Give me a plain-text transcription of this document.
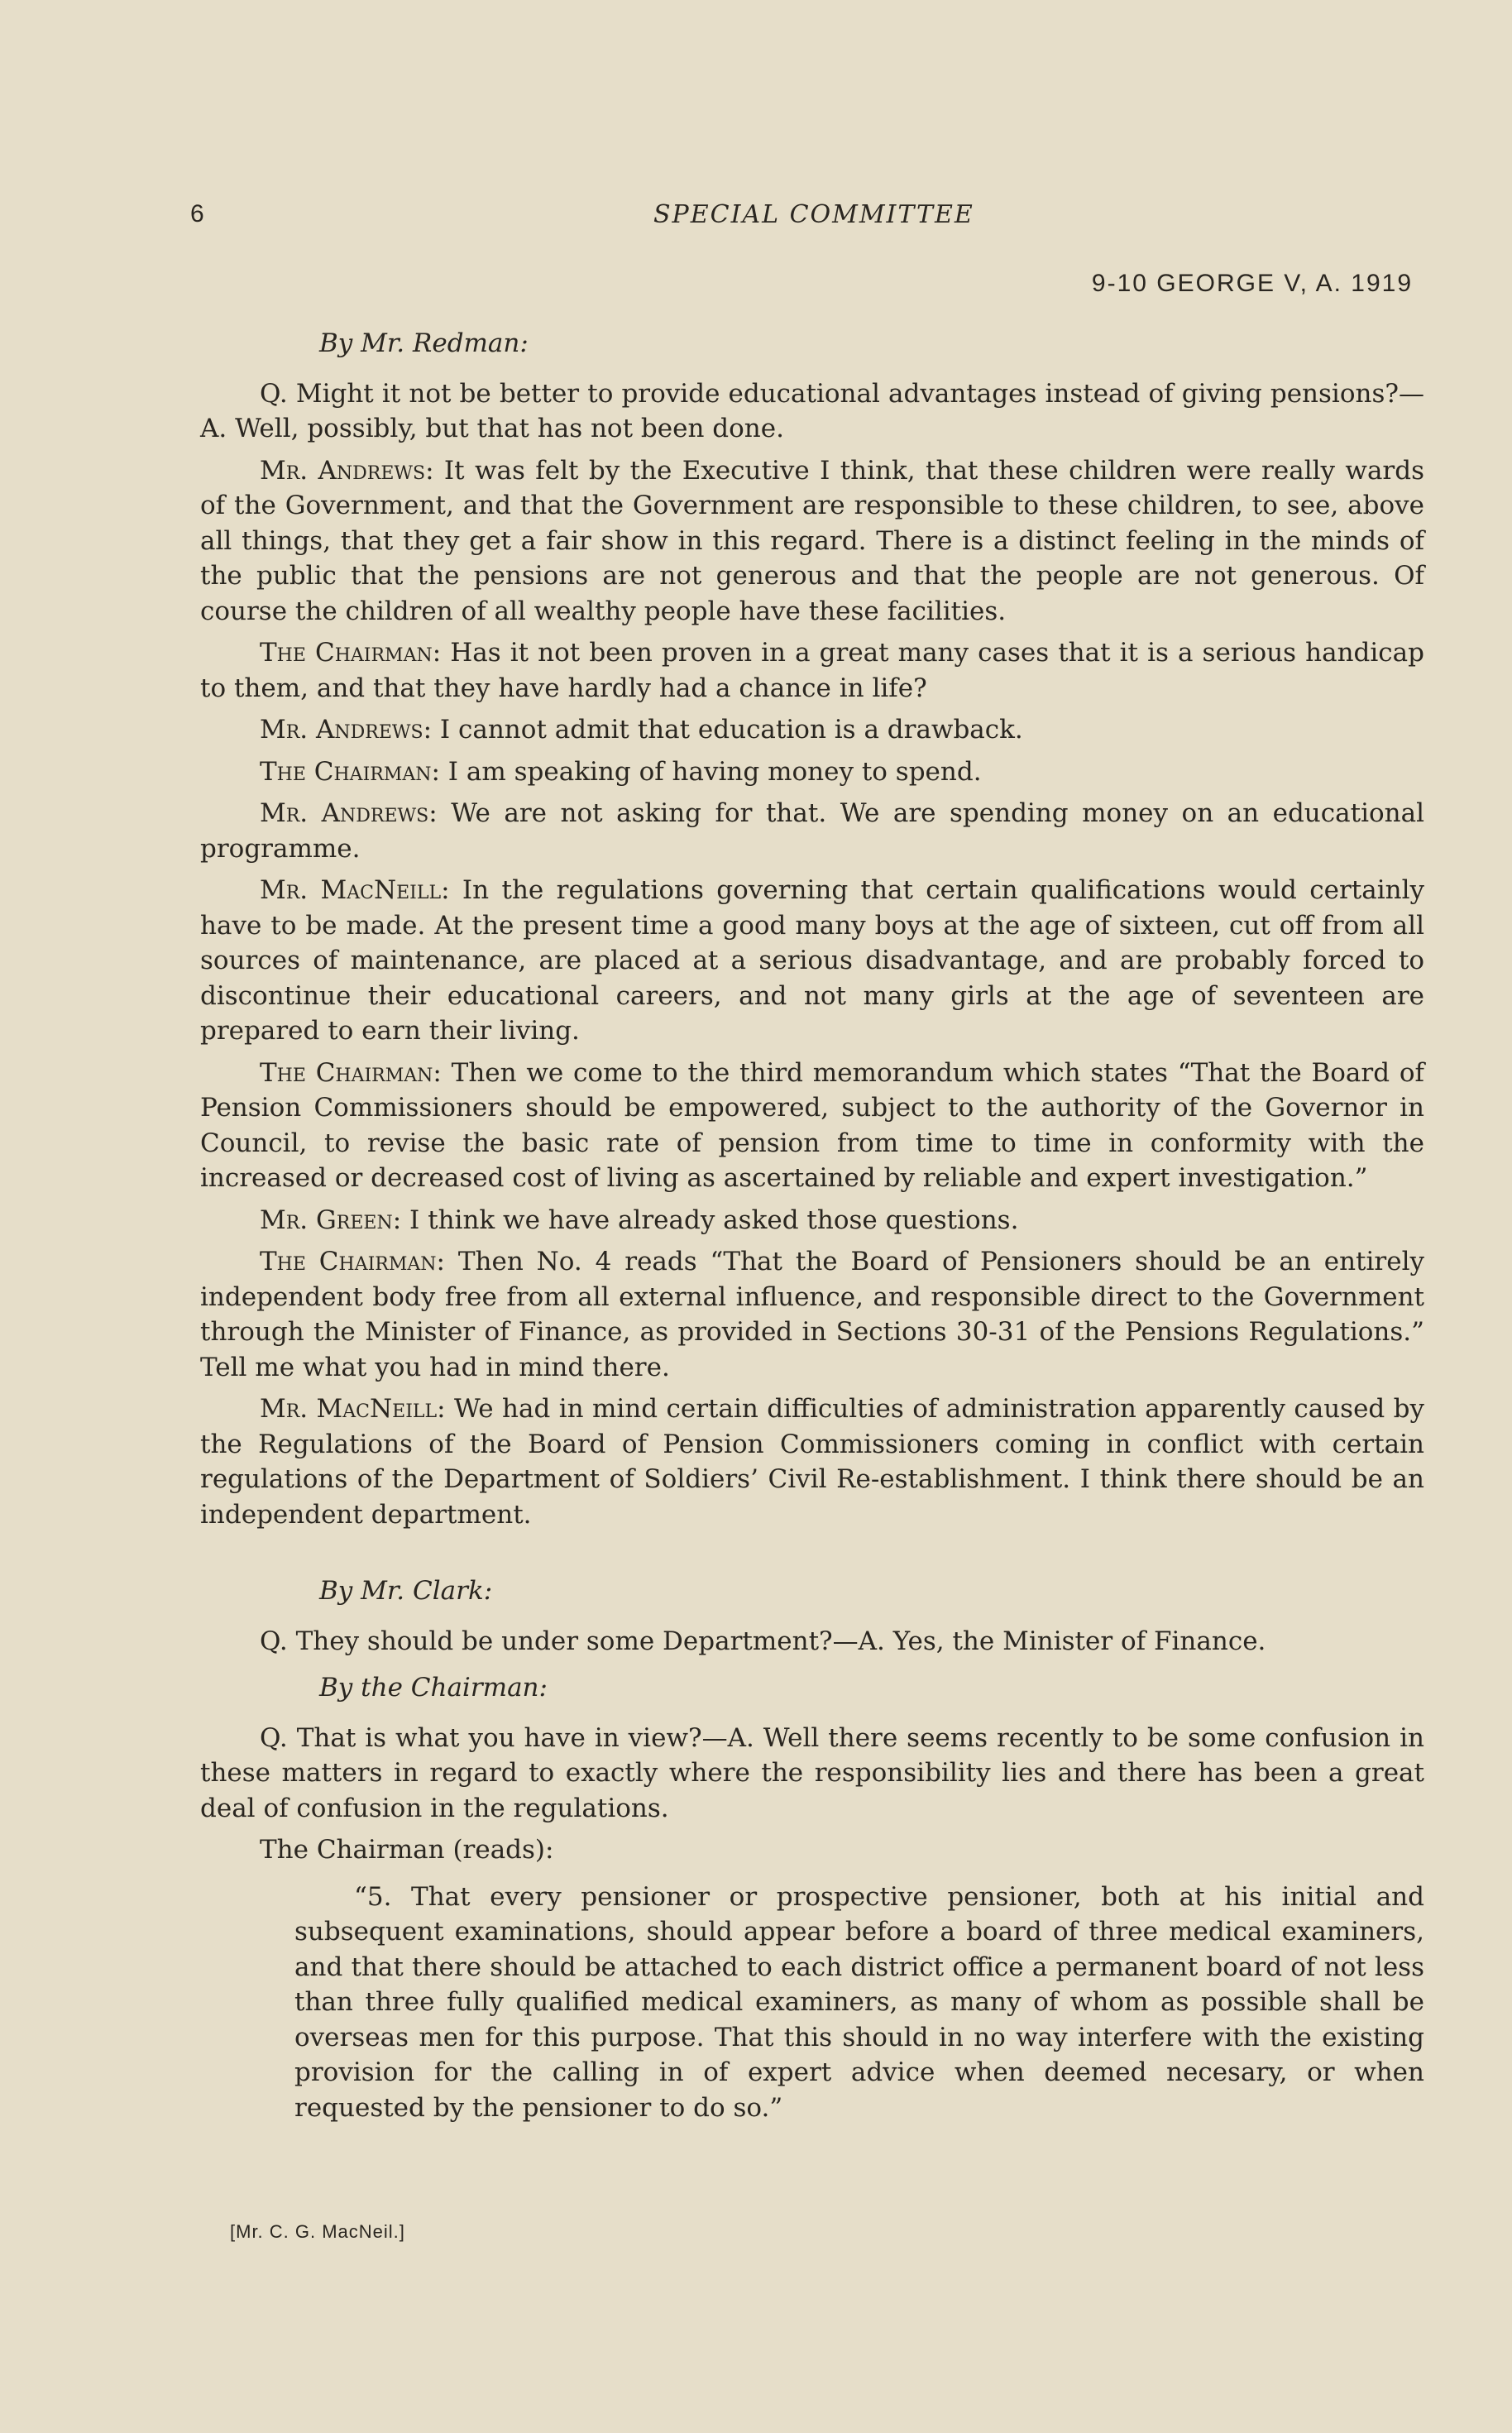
6	SPECIAL COMMITTEE
9-10 GEORGE V, A. 1919

By Mr. Redman:

Q. Might it not be better to provide educational advantages instead of giving pensions?—A. Well, possibly, but that has not been done.

Mr. Andrews: It was felt by the Executive I think, that these children were really wards of the Government, and that the Government are responsible to these children, to see, above all things, that they get a fair show in this regard. There is a distinct feeling in the minds of the public that the pensions are not generous and that the people are not generous. Of course the children of all wealthy people have these facilities.

The Chairman: Has it not been proven in a great many cases that it is a serious handicap to them, and that they have hardly had a chance in life?

Mr. Andrews: I cannot admit that education is a drawback.

The Chairman: I am speaking of having money to spend.

Mr. Andrews: We are not asking for that. We are spending money on an educational programme.

Mr. MacNeill: In the regulations governing that certain qualifications would certainly have to be made. At the present time a good many boys at the age of sixteen, cut off from all sources of maintenance, are placed at a serious disadvantage, and are probably forced to discontinue their educational careers, and not many girls at the age of seventeen are prepared to earn their living.

The Chairman: Then we come to the third memorandum which states “That the Board of Pension Commissioners should be empowered, subject to the authority of the Governor in Council, to revise the basic rate of pension from time to time in conformity with the increased or decreased cost of living as ascertained by reliable and expert investigation.”

Mr. Green: I think we have already asked those questions.

The Chairman: Then No. 4 reads “That the Board of Pensioners should be an entirely independent body free from all external influence, and responsible direct to the Government through the Minister of Finance, as provided in Sections 30-31 of the Pensions Regulations.” Tell me what you had in mind there.

Mr. MacNeill: We had in mind certain difficulties of administration apparently caused by the Regulations of the Board of Pension Commissioners coming in conflict with certain regulations of the Department of Soldiers’ Civil Re-establishment. I think there should be an independent department.

By Mr. Clark:

Q. They should be under some Department?—A. Yes, the Minister of Finance.

By the Chairman:

Q. That is what you have in view?—A. Well there seems recently to be some confusion in these matters in regard to exactly where the responsibility lies and there has been a great deal of confusion in the regulations.

The Chairman (reads):

“5. That every pensioner or prospective pensioner, both at his initial and subsequent examinations, should appear before a board of three medical examiners, and that there should be attached to each district office a permanent board of not less than three fully qualified medical examiners, as many of whom as possible shall be overseas men for this purpose. That this should in no way interfere with the existing provision for the calling in of expert advice when deemed necesary, or when requested by the pensioner to do so.”

[Mr. C. G. MacNeil.]
